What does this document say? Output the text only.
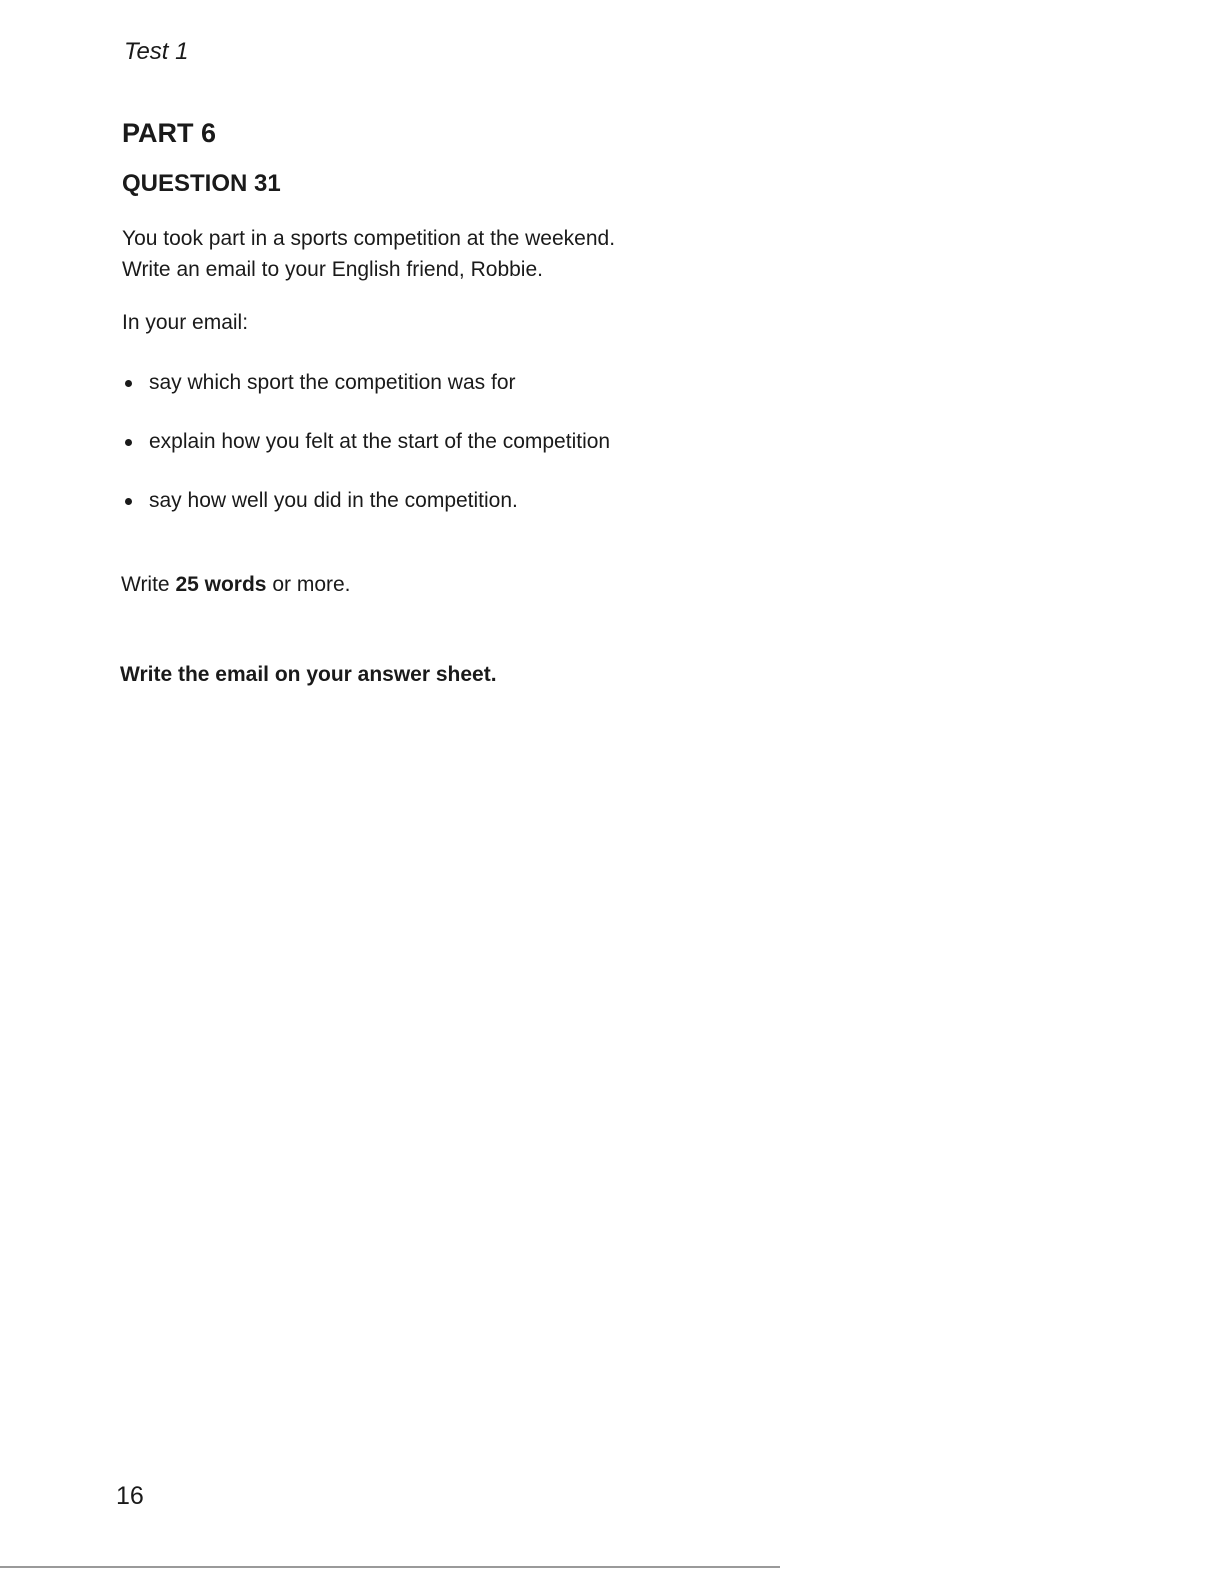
Test 1
PART 6
QUESTION 31

You took part in a sports competition at the weekend.

Write an email to your English friend, Robbie.

In your email:
say which sport the competition was for
explain how you felt at the start of the competition
say how well you did in the competition.
Write 25 words or more.
Write the email on your answer sheet.
16
